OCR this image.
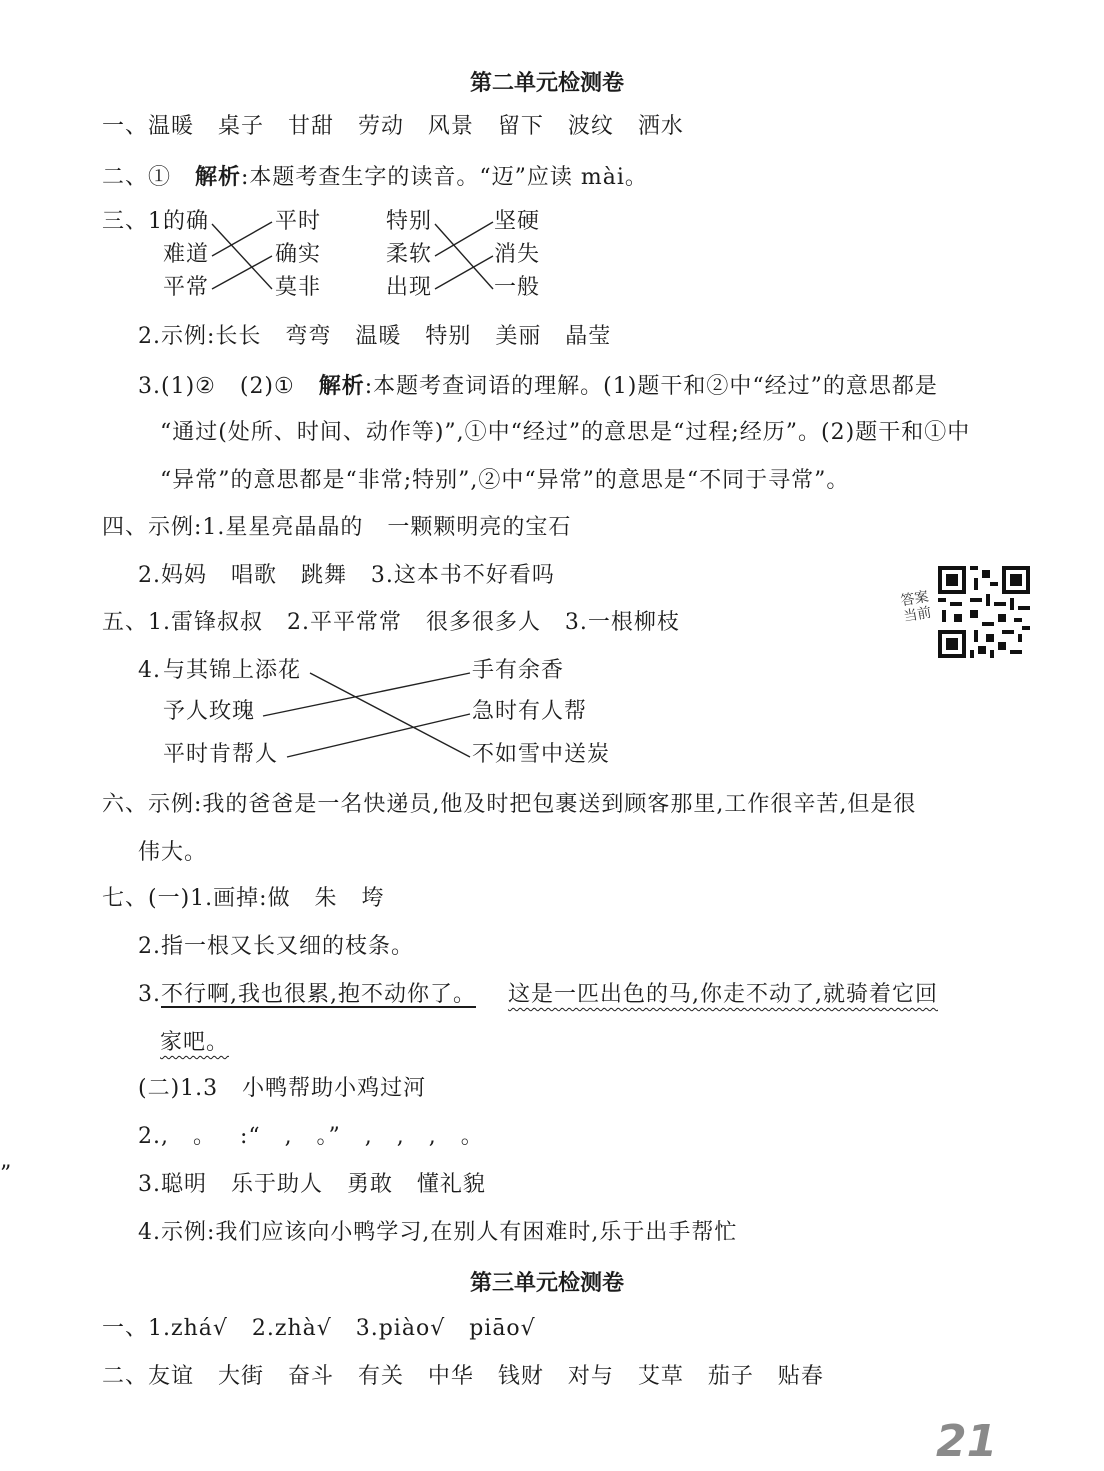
第二单元检测卷
一、温暖   桌子   甘甜   劳动   风景   留下   波纹   洒水
二、①   解析:本题考查生字的读音。“迈”应读 mài。
三、1.
的确
难道
平常
平时
确实
莫非
特别
柔软
出现
坚硬
消失
一般
2.示例:长长   弯弯   温暖   特别   美丽   晶莹
3.(1)②   (2)①   解析:本题考查词语的理解。(1)题干和②中“经过”的意思都是
“通过(处所、时间、动作等)”,①中“经过”的意思是“过程;经历”。(2)题干和①中
“异常”的意思都是“非常;特别”,②中“异常”的意思是“不同于寻常”。
四、示例:1.星星亮晶晶的   一颗颗明亮的宝石
2.妈妈   唱歌   跳舞   3.这本书不好看吗
五、1.雷锋叔叔   2.平平常常   很多很多人   3.一根柳枝
4. 与其锦上添花
予人玫瑰
平时肯帮人
手有余香
急时有人帮
不如雪中送炭
答案当前
六、示例:我的爸爸是一名快递员,他及时把包裹送到顾客那里,工作很辛苦,但是很
伟大。
七、(一)1.画掉:做   朱   垮
2.指一根又长又细的枝条。
3.不行啊,我也很累,抱不动你了。 这是一匹出色的马,你走不动了,就骑着它回
家吧。
(二)1.3   小鸭帮助小鸡过河
2.,   。   :“   ,   。”   ,   ,   ,   。
”	3.聪明   乐于助人   勇敢   懂礼貌
4.示例:我们应该向小鸭学习,在别人有困难时,乐于出手帮忙
第三单元检测卷
一、1.zhá√   2.zhà√   3.piào√   piāo√
二、友谊   大街   奋斗   有关   中华   钱财   对与   艾草   茄子   贴春
21
